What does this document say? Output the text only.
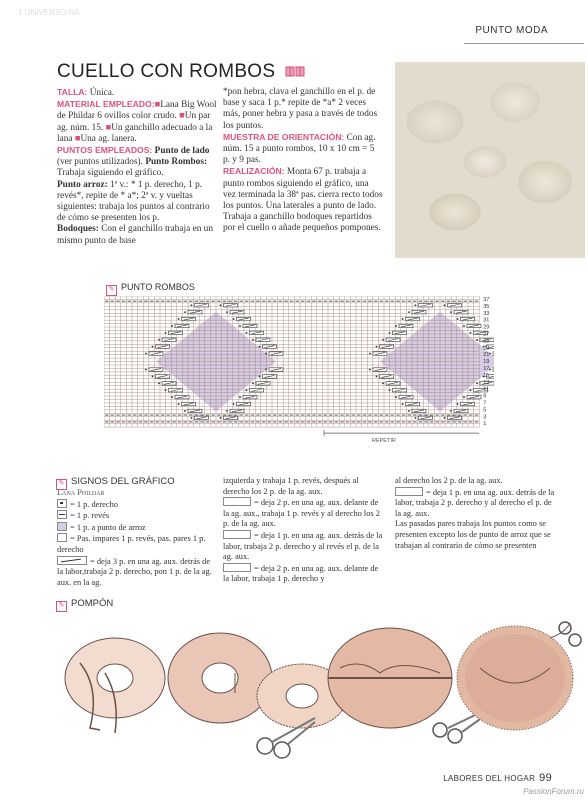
1 UNIVERSO NA
PUNTO MODA
CUELLO CON ROMBOS
TALLA: Única.
MATERIAL EMPLEADO:■Lana Big Wool de Phildar 6 ovillos color crudo. ■Un par ag. núm. 15. ■Un ganchillo adecuado a la lana ■Una ag. lanera.
PUNTOS EMPLEADOS: Punto de lado (ver puntos utilizados). Punto Rombos: Trabaja siguiendo el gráfico.
Punto arroz: 1ª v.: * 1 p. derecho, 1 p. revés*, repite de * a*; 2ª v. y vueltas siguientes: trabaja los puntos al contrario de cómo se presenten los p.
Bodoques: Con el ganchillo trabaja en un mismo punto de base
*pon hebra, clava el ganchillo en el p. de base y saca 1 p.* repite de *a* 2 veces más, poner hebra y pasa a través de todos los puntos.
MUESTRA DE ORIENTACIÓN: Con ag. núm. 15 a punto rombos, 10 x 10 cm = 5 p. y 9 pas.
REALIZACIÓN: Monta 67 p. trabaja a punto rombos siguiendo el gráfico, una vez terminada la 38ª pas. cierra recto todos los puntos. Una laterales a punto de lado. Trabaja a ganchillo bodoques repartidos por el cuello o añade pequeños pompones.
✎ PUNTO ROMBOS
REPETIR
37
35
33
31
29
27
25
23
21
19
17
15
13
11
9
7
5
3
1
✎ SIGNOS DEL GRÁFICO
Lana Phildar

= 1 p. derecho

= 1 p. revés
= 1 p. a punto de arroz
= Pas. impares 1 p. revés, pas. pares 1 p. derecho

= deja 3 p. en una ag. aux. detrás de la labor,trabaja 2 p. derecho, pon 1 p. de la ag. aux. en la ag.
izquierda y trabaja 1 p. revés, después al derecho los 2 p. de la ag. aux.
= deja 2 p. en una ag. aux. delante de la ag. aux., trabaja 1 p. revés y al derecho los 2 p. de la ag. aux.
= deja 1 p. en una ag. aux. detrás de la labor, trabaja 2 p. derecho y al revés el p. de la ag. aux.
= deja 2 p. en una ag. aux. delante de la labor, trabaja 1 p. derecho y
al derecho los 2 p. de la ag. aux.
= deja 1 p. en una ag. aux. detrás de la labor, trabaja 2 p. derecho y al derecho el p. de la ag. aux.
Las pasadas pares trabaja los puntos como se presenten excepto los de punto de arroz que se trabajan al contrario de cómo se presenten
✎ POMPÓN
LABORES DEL HOGAR 99
PassionForum.ru
